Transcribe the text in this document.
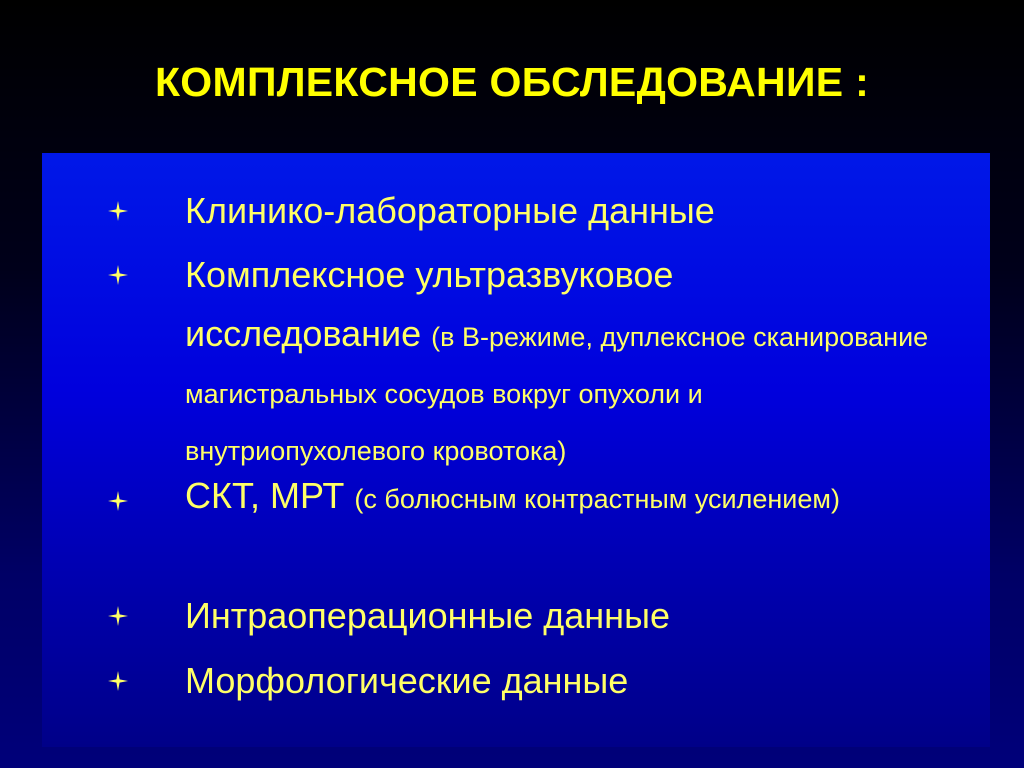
КОМПЛЕКСНОЕ ОБСЛЕДОВАНИЕ :
Клинико-лабораторные данные
Комплексное ультразвуковое
исследование (в В-режиме, дуплексное сканирование магистральных сосудов вокруг опухоли и внутриопухолевого кровотока)
СКТ, МРТ (с болюсным контрастным усилением)
Интраоперационные данные
Морфологические данные
